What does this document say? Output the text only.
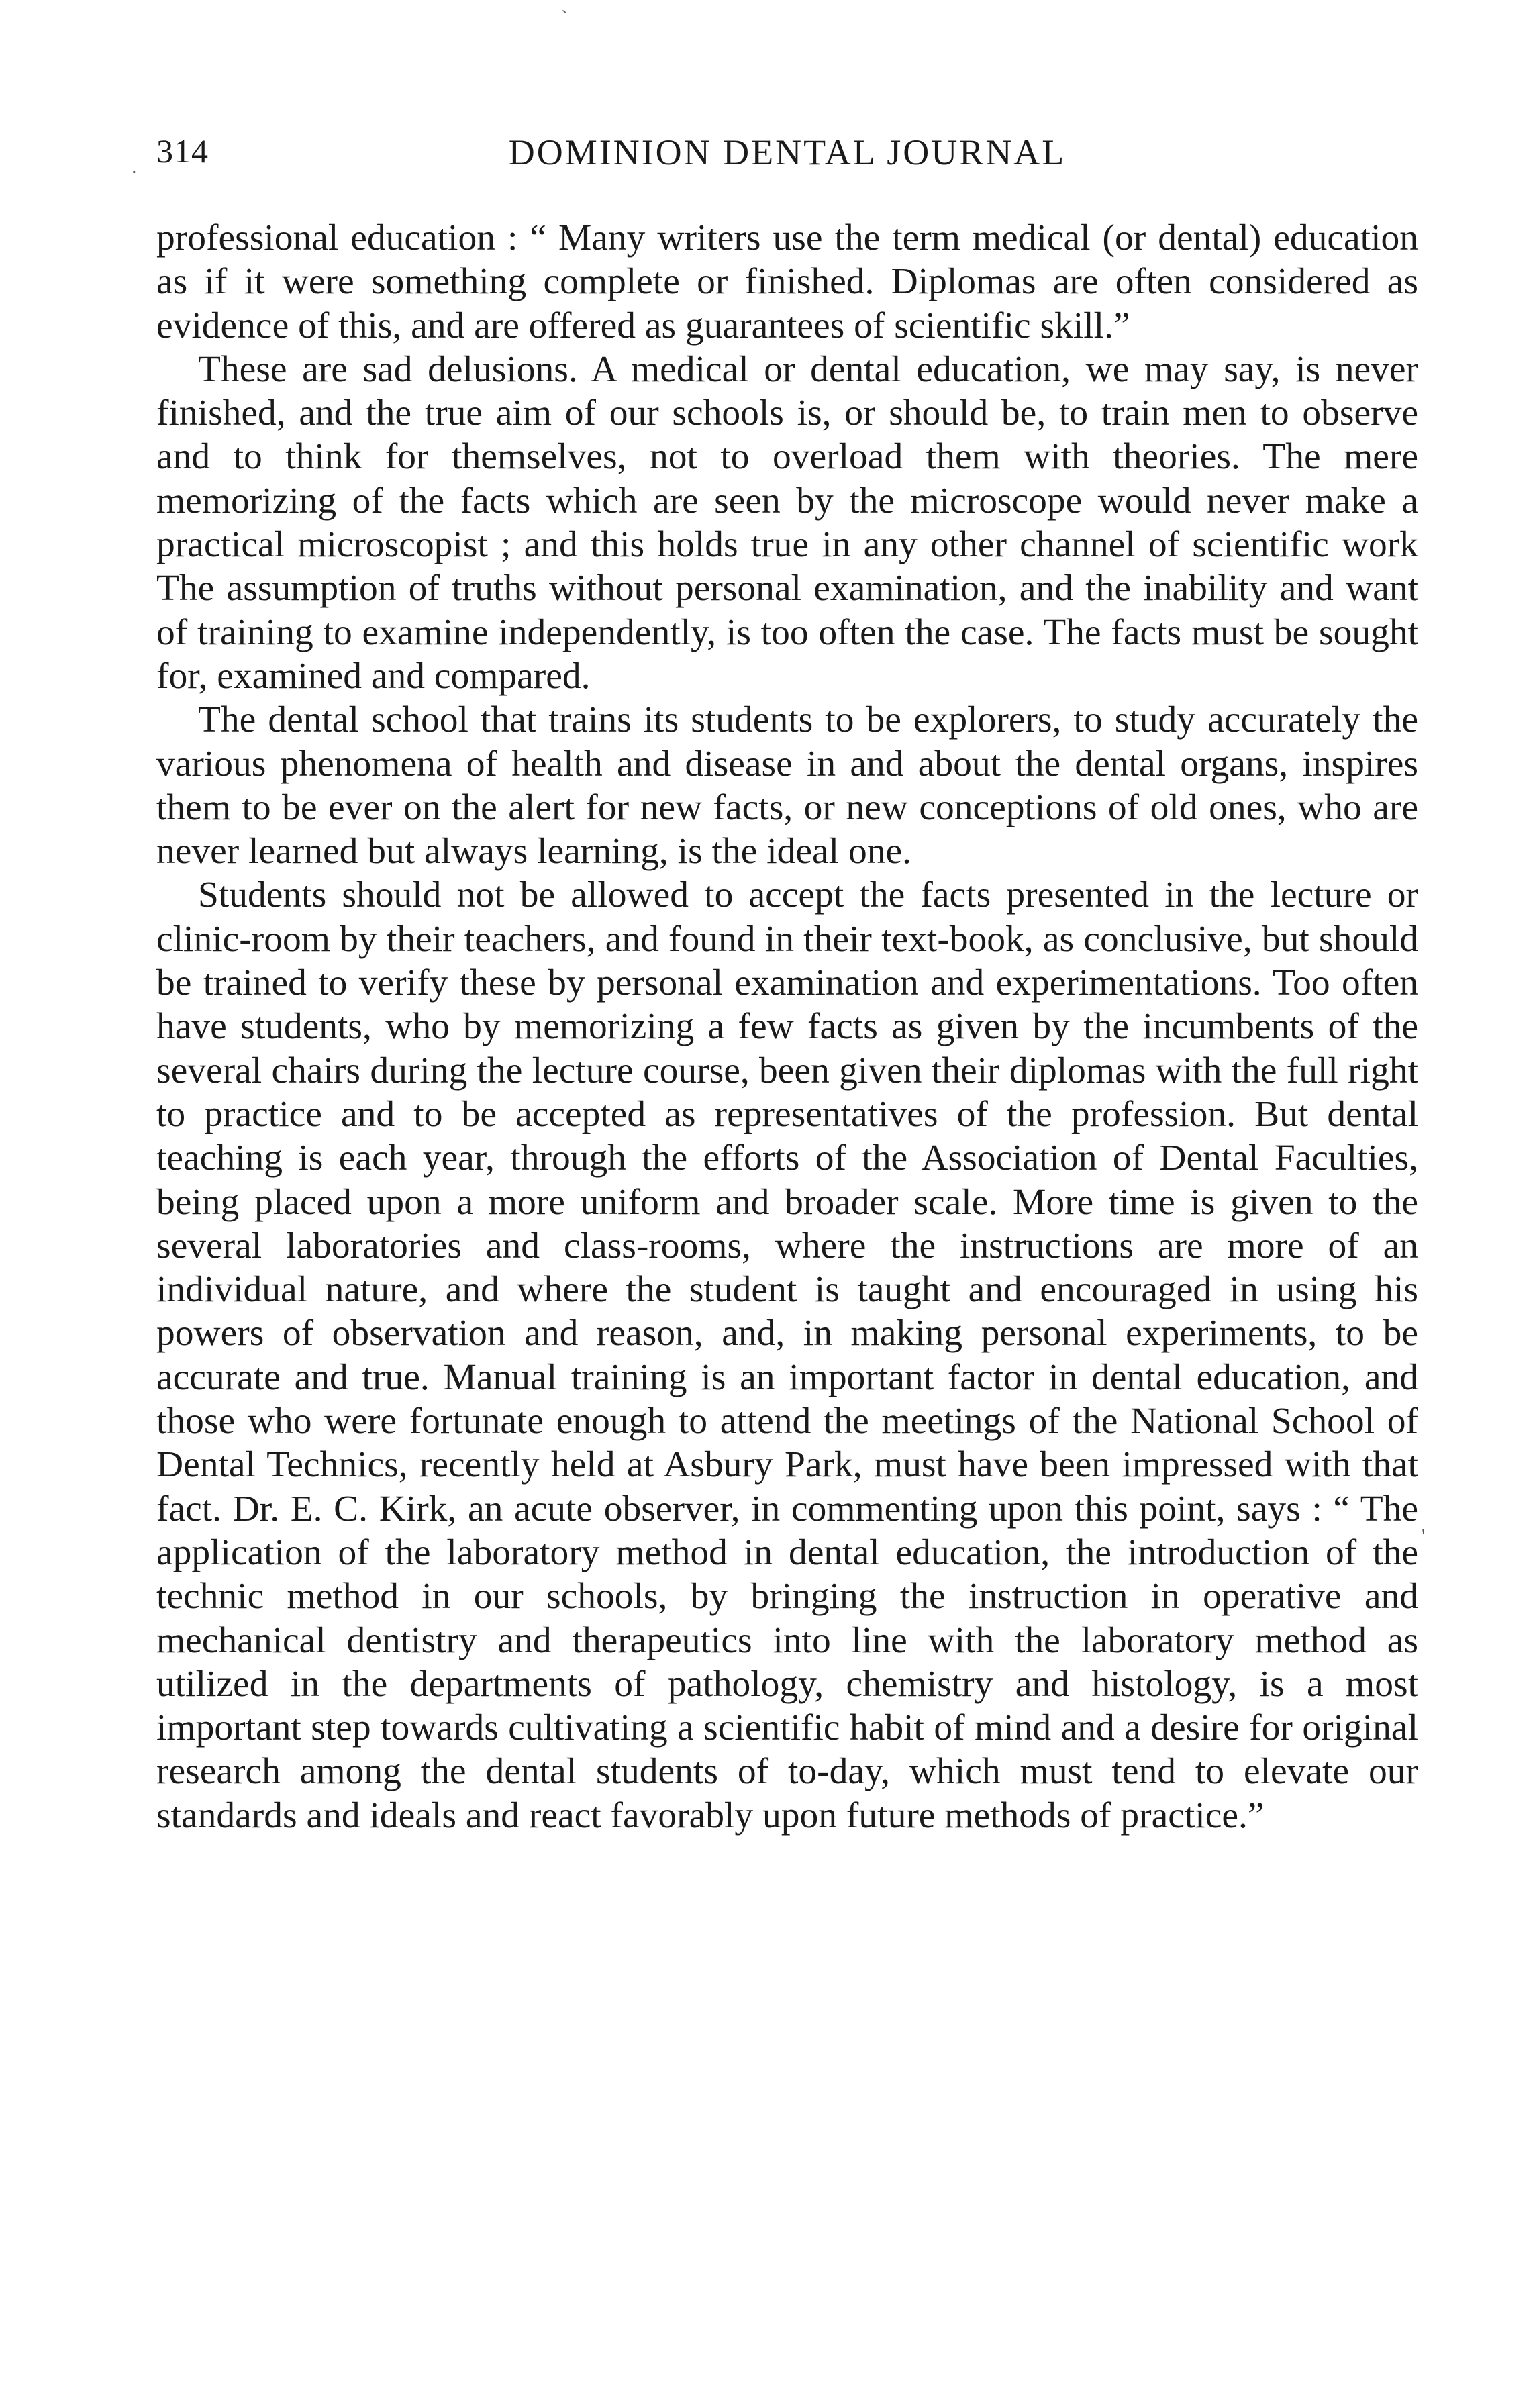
314	DOMINION DENTAL JOURNAL

professional education : “ Many writers use the term medical (or dental) education as if it were something complete or finished. Diplomas are often considered as evidence of this, and are offered as guarantees of scientific skill.”

These are sad delusions. A medical or dental education, we may say, is never finished, and the true aim of our schools is, or should be, to train men to observe and to think for themselves, not to overload them with theories. The mere memorizing of the facts which are seen by the microscope would never make a practical microscopist ; and this holds true in any other channel of scientific work The assumption of truths without personal examination, and the inability and want of training to examine independently, is too often the case. The facts must be sought for, examined and compared.

The dental school that trains its students to be explorers, to study accurately the various phenomena of health and disease in and about the dental organs, inspires them to be ever on the alert for new facts, or new conceptions of old ones, who are never learned but always learning, is the ideal one.

Students should not be allowed to accept the facts presented in the lecture or clinic-room by their teachers, and found in their text-book, as conclusive, but should be trained to verify these by personal examination and experimentations. Too often have students, who by memorizing a few facts as given by the incumbents of the several chairs during the lecture course, been given their diplomas with the full right to practice and to be accepted as representatives of the profession. But dental teaching is each year, through the efforts of the Association of Dental Faculties, being placed upon a more uniform and broader scale. More time is given to the several laboratories and class-rooms, where the instructions are more of an individual nature, and where the student is taught and encouraged in using his powers of observation and reason, and, in making personal experiments, to be accurate and true. Manual training is an important factor in dental education, and those who were fortunate enough to attend the meetings of the National School of Dental Technics, recently held at Asbury Park, must have been impressed with that fact. Dr. E. C. Kirk, an acute observer, in commenting upon this point, says : “ The application of the laboratory method in dental education, the introduction of the technic method in our schools, by bringing the instruction in operative and mechanical dentistry and therapeutics into line with the laboratory method as utilized in the departments of pathology, chemistry and histology, is a most important step towards cultivating a scientific habit of mind and a desire for original research among the dental students of to-day, which must tend to elevate our standards and ideals and react favorably upon future methods of practice.”

`
.
'
